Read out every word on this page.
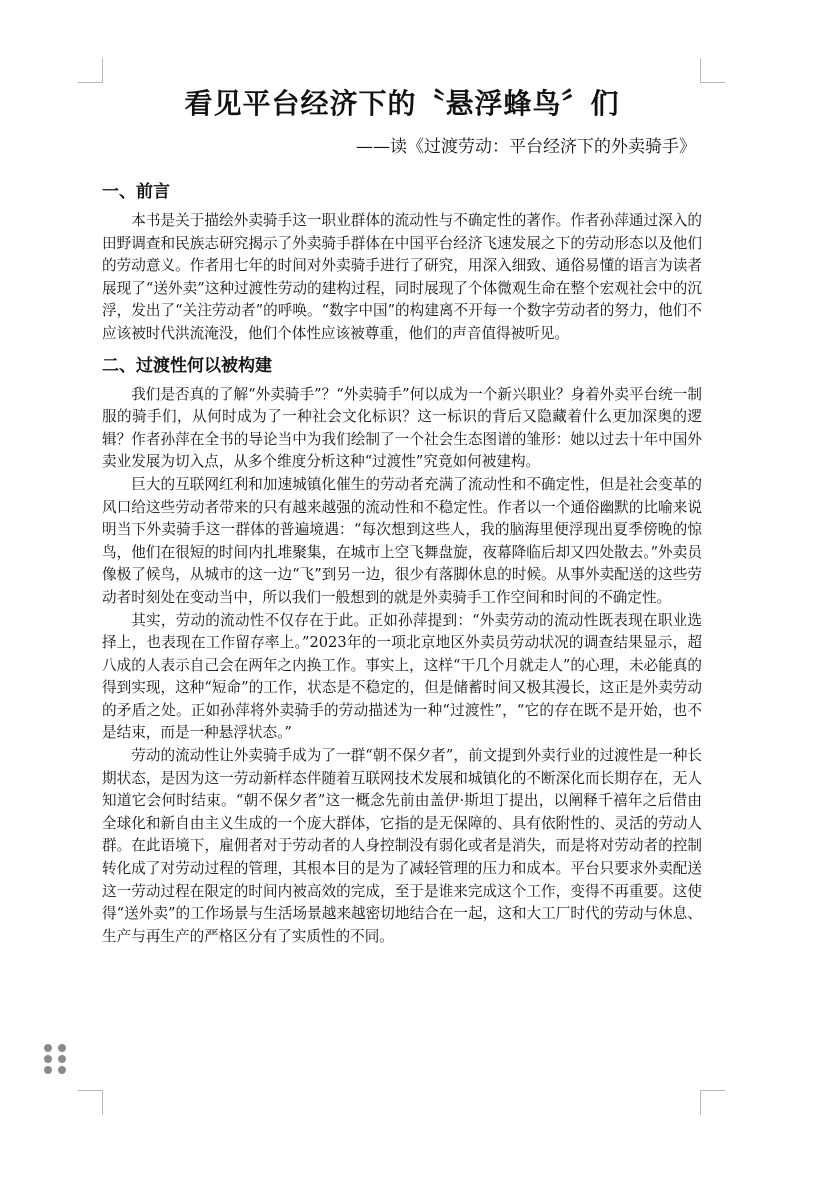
看见平台经济下的〝悬浮蜂鸟〞们
——读《过渡劳动：平台经济下的外卖骑手》
一、前言

本书是关于描绘外卖骑手这一职业群体的流动性与不确定性的著作。作者孙萍通过深入的田野调查和民族志研究揭示了外卖骑手群体在中国平台经济飞速发展之下的劳动形态以及他们的劳动意义。作者用七年的时间对外卖骑手进行了研究，用深入细致、通俗易懂的语言为读者展现了“送外卖”这种过渡性劳动的建构过程，同时展现了个体微观生命在整个宏观社会中的沉浮，发出了“关注劳动者”的呼唤。“数字中国”的构建离不开每一个数字劳动者的努力，他们不应该被时代洪流淹没，他们个体性应该被尊重，他们的声音值得被听见。

二、过渡性何以被构建

我们是否真的了解“外卖骑手”？“外卖骑手”何以成为一个新兴职业？身着外卖平台统一制服的骑手们，从何时成为了一种社会文化标识？这一标识的背后又隐藏着什么更加深奥的逻辑？作者孙萍在全书的导论当中为我们绘制了一个社会生态图谱的雏形：她以过去十年中国外卖业发展为切入点，从多个维度分析这种“过渡性”究竟如何被建构。

巨大的互联网红利和加速城镇化催生的劳动者充满了流动性和不确定性，但是社会变革的风口给这些劳动者带来的只有越来越强的流动性和不稳定性。作者以一个通俗幽默的比喻来说明当下外卖骑手这一群体的普遍境遇：“每次想到这些人，我的脑海里便浮现出夏季傍晚的惊鸟，他们在很短的时间内扎堆聚集，在城市上空飞舞盘旋，夜幕降临后却又四处散去。”外卖员像极了候鸟，从城市的这一边“飞”到另一边，很少有落脚休息的时候。从事外卖配送的这些劳动者时刻处在变动当中，所以我们一般想到的就是外卖骑手工作空间和时间的不确定性。

其实，劳动的流动性不仅存在于此。正如孙萍提到：“外卖劳动的流动性既表现在职业选择上，也表现在工作留存率上。”2023年的一项北京地区外卖员劳动状况的调查结果显示，超八成的人表示自己会在两年之内换工作。事实上，这样“干几个月就走人”的心理，未必能真的得到实现，这种“短命”的工作，状态是不稳定的，但是储蓄时间又极其漫长，这正是外卖劳动的矛盾之处。正如孙萍将外卖骑手的劳动描述为一种“过渡性”，“它的存在既不是开始，也不是结束，而是一种悬浮状态。”

劳动的流动性让外卖骑手成为了一群“朝不保夕者”，前文提到外卖行业的过渡性是一种长期状态，是因为这一劳动新样态伴随着互联网技术发展和城镇化的不断深化而长期存在，无人知道它会何时结束。“朝不保夕者”这一概念先前由盖伊·斯坦丁提出，以阐释千禧年之后借由全球化和新自由主义生成的一个庞大群体，它指的是无保障的、具有依附性的、灵活的劳动人群。在此语境下，雇佣者对于劳动者的人身控制没有弱化或者是消失，而是将对劳动者的控制转化成了对劳动过程的管理，其根本目的是为了减轻管理的压力和成本。平台只要求外卖配送这一劳动过程在限定的时间内被高效的完成，至于是谁来完成这个工作，变得不再重要。这使得“送外卖”的工作场景与生活场景越来越密切地结合在一起，这和大工厂时代的劳动与休息、生产与再生产的严格区分有了实质性的不同。
